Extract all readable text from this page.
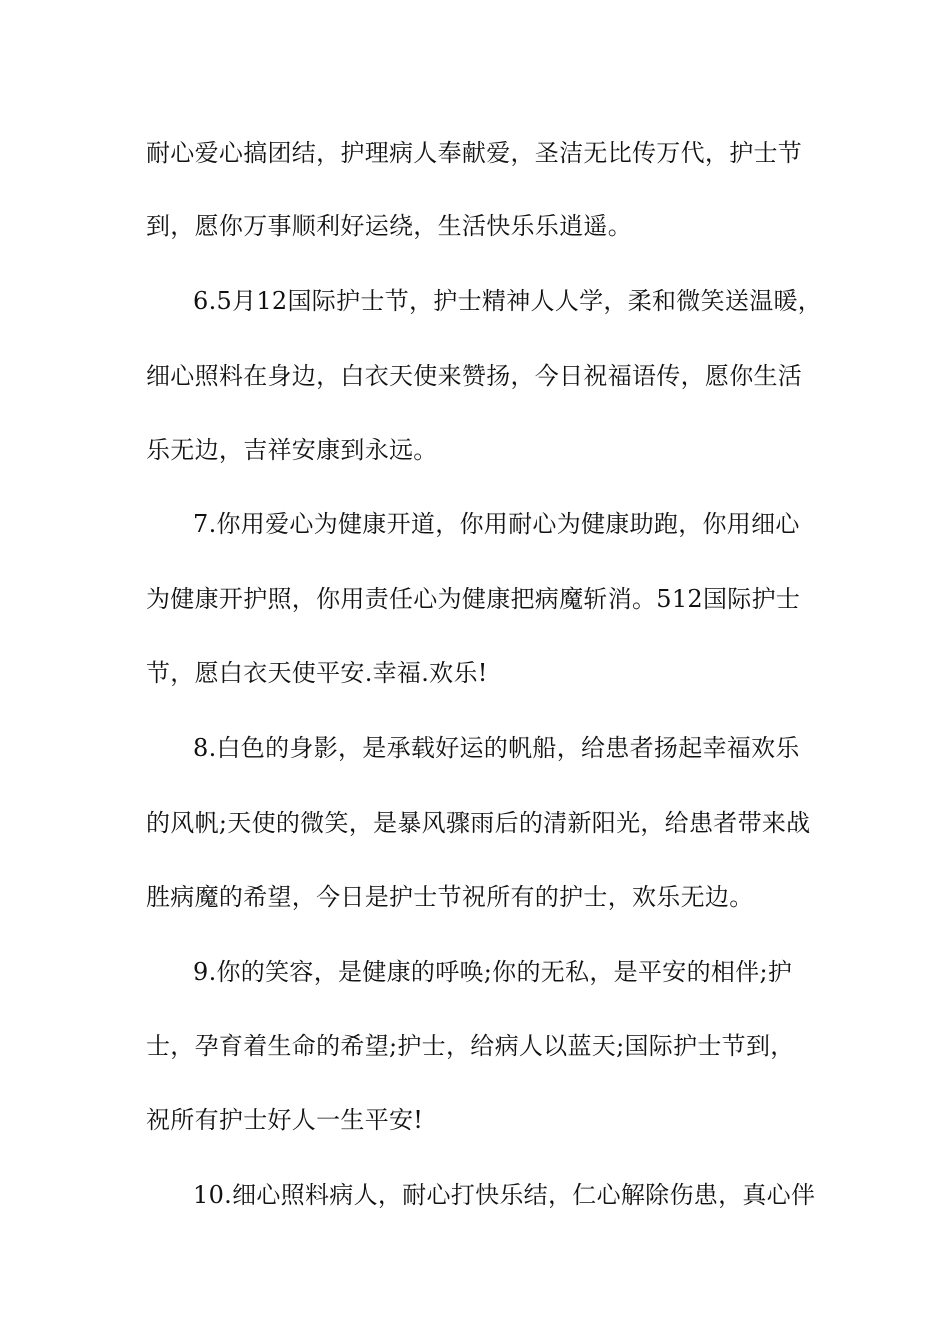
耐心爱心搞团结，护理病人奉献爱，圣洁无比传万代，护士节
到，愿你万事顺利好运绕，生活快乐乐逍遥。
6.5月12国际护士节，护士精神人人学，柔和微笑送温暖，
细心照料在身边，白衣天使来赞扬，今日祝福语传，愿你生活
乐无边，吉祥安康到永远。
7.你用爱心为健康开道，你用耐心为健康助跑，你用细心
为健康开护照，你用责任心为健康把病魔斩消。512国际护士
节，愿白衣天使平安.幸福.欢乐!
8.白色的身影，是承载好运的帆船，给患者扬起幸福欢乐
的风帆;天使的微笑，是暴风骤雨后的清新阳光，给患者带来战
胜病魔的希望，今日是护士节祝所有的护士，欢乐无边。
9.你的笑容，是健康的呼唤;你的无私，是平安的相伴;护
士，孕育着生命的希望;护士，给病人以蓝天;国际护士节到，
祝所有护士好人一生平安!
10.细心照料病人，耐心打快乐结，仁心解除伤患，真心伴
